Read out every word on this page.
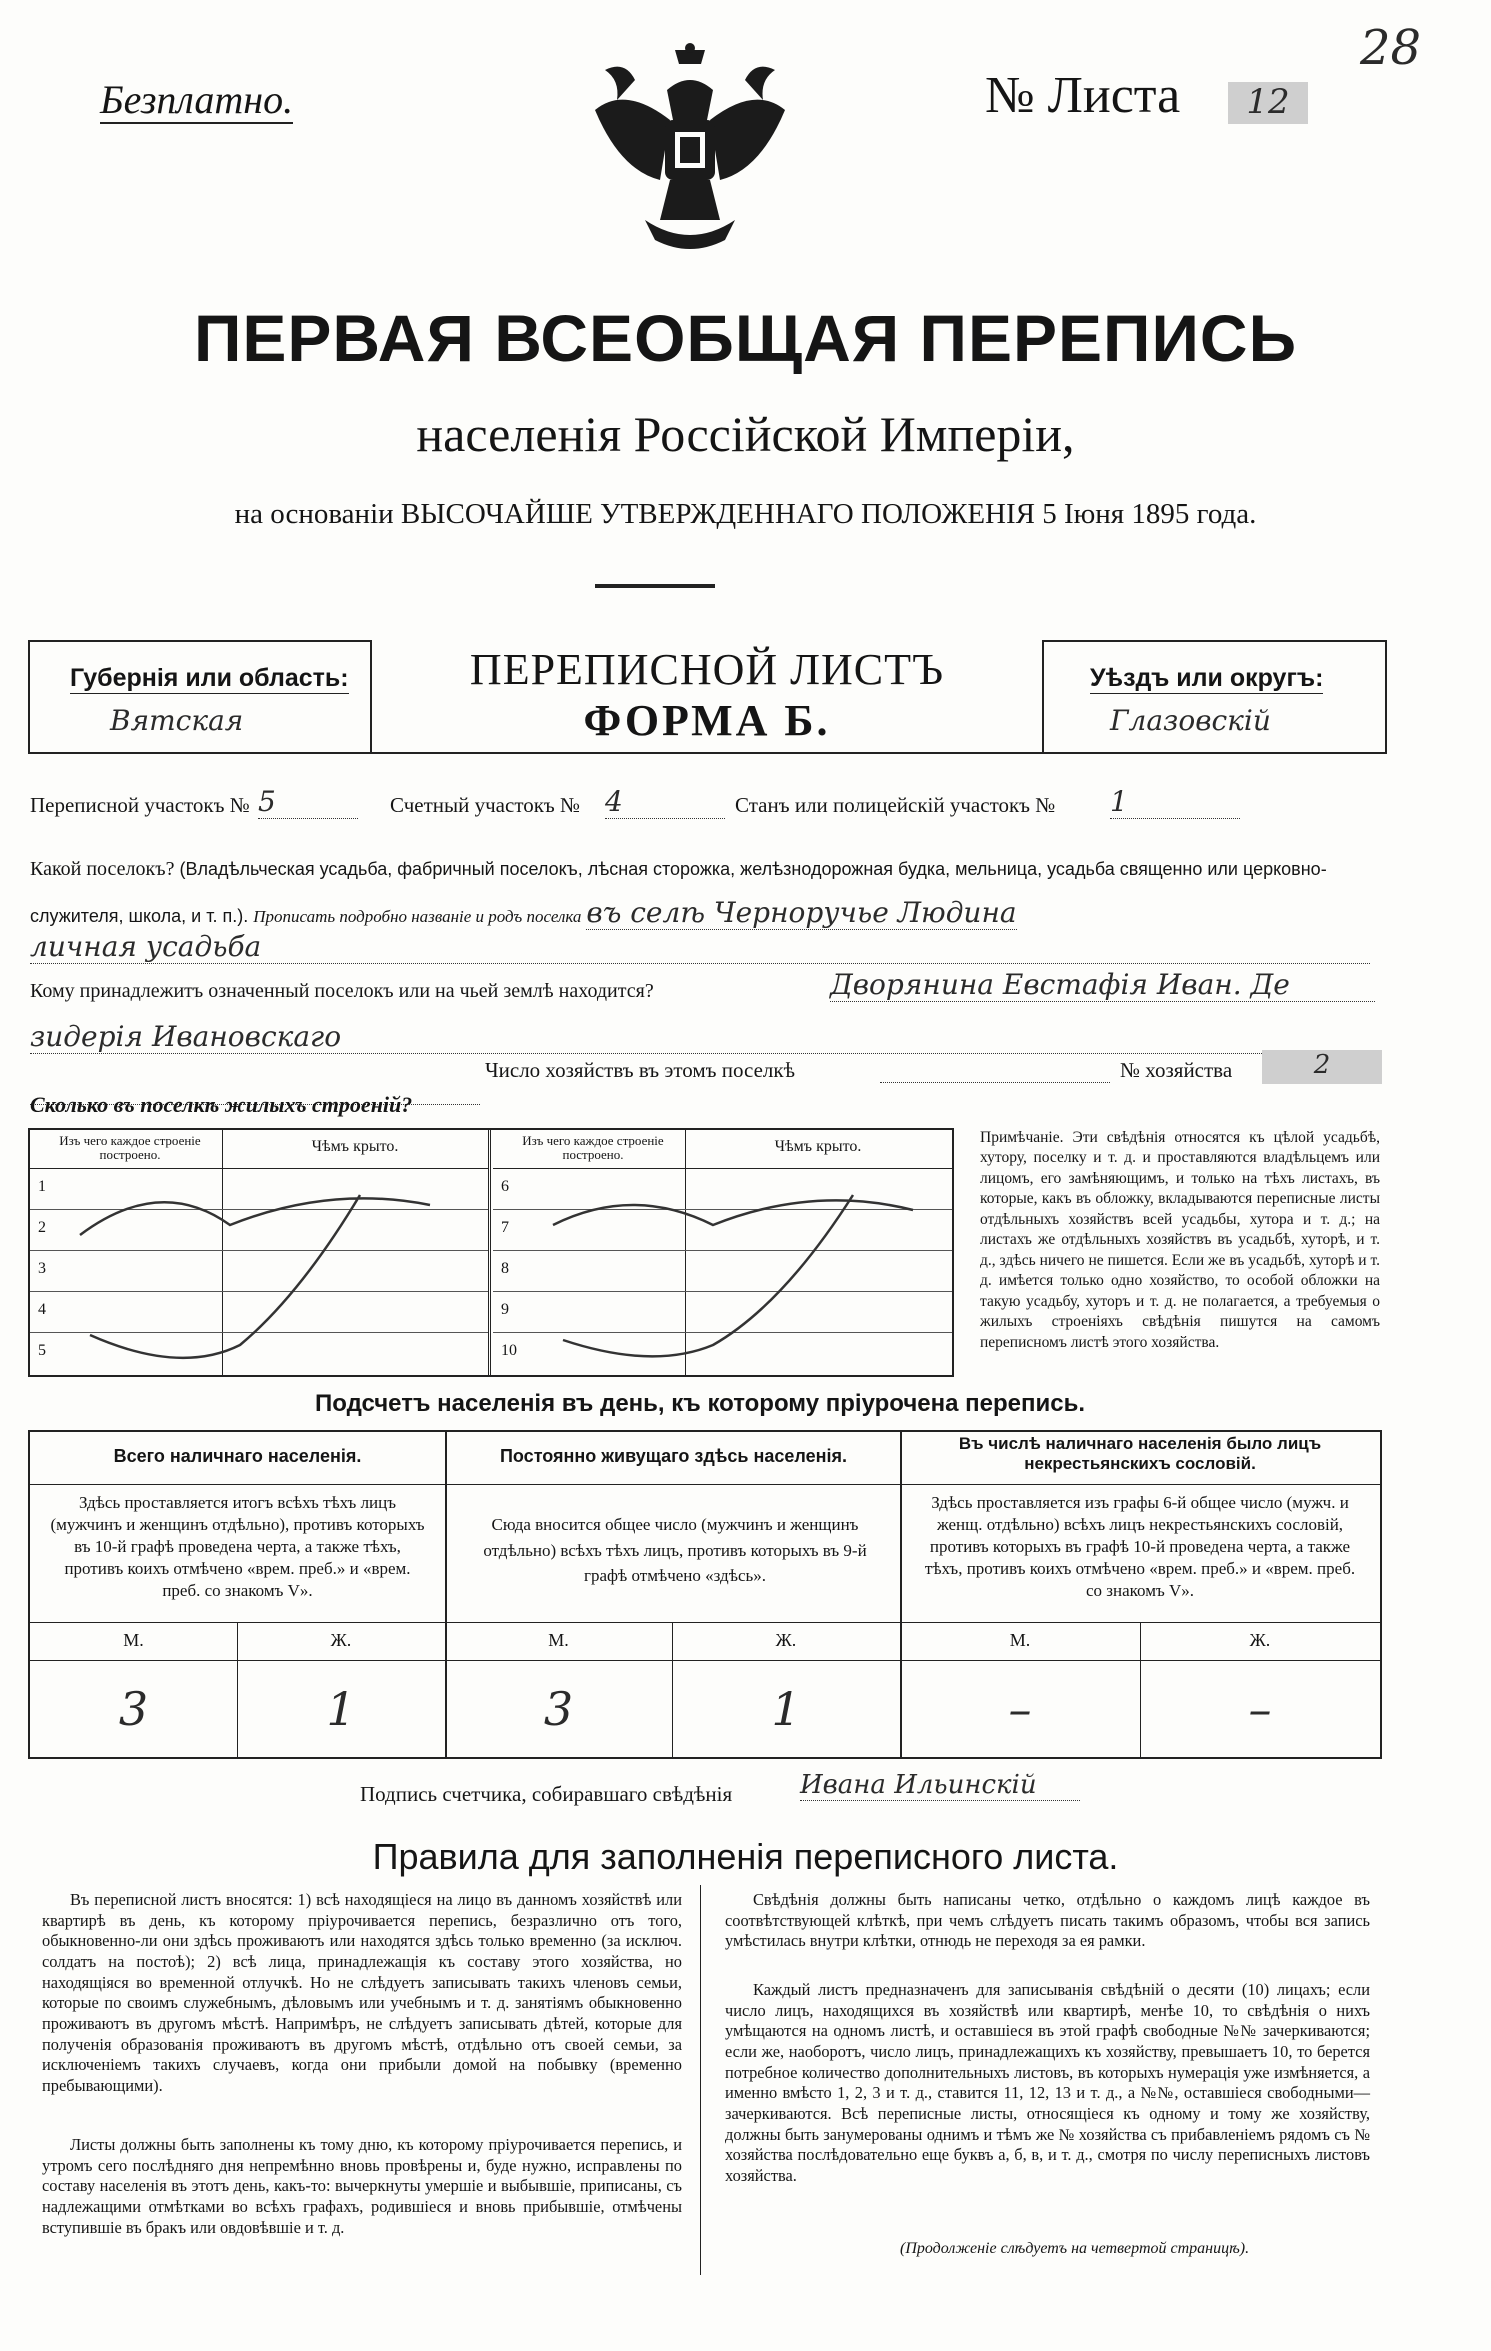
28
Безплатно.	№ Листа	12
ПЕРВАЯ ВСЕОБЩАЯ ПЕРЕПИСЬ
населенія Россійской Имперіи,
на основаніи ВЫСОЧАЙШЕ УТВЕРЖДЕННАГО ПОЛОЖЕНІЯ 5 Іюня 1895 года.
Губернія или область:
Вятская
ПЕРЕПИСНОЙ ЛИСТЪ
ФОРМА Б.
Уѣздъ или округъ:
Глазовскій
Переписной участокъ № 5	Счетный участокъ № 4	Станъ или полицейскій участокъ № 1
Какой поселокъ? (Владѣльческая усадьба, фабричный поселокъ, лѣсная сторожка, желѣзнодорожная будка, мельница, усадьба священно или церковно-служителя, школа, и т. п.). Прописать подробно названіе и родъ поселка въ селѣ Черноручье Людина
личная усадьба
Кому принадлежитъ означенный поселокъ или на чьей землѣ находится?	Дворянина Евстафія Иван. Де
зидерія Ивановскаго
Число хозяйствъ въ этомъ поселкѣ	№ хозяйства	2
Сколько въ поселкѣ жилыхъ строеній?
Изъ чего каждое строеніе построено.	Чѣмъ крыто.
1
2
3
4
5
Изъ чего каждое строеніе построено.	Чѣмъ крыто.
6
7
8
9
10
Примѣчаніе. Эти свѣдѣнія относятся къ цѣлой усадьбѣ, хутору, поселку и т. д. и проставляются владѣльцемъ или лицомъ, его замѣняющимъ, и только на тѣхъ листахъ, въ которые, какъ въ обложку, вкладываются переписные листы отдѣльныхъ хозяйствъ всей усадьбы, хутора и т. д.; на листахъ же отдѣльныхъ хозяйствъ въ усадьбѣ, хуторѣ, и т. д., здѣсь ничего не пишется. Если же въ усадьбѣ, хуторѣ и т. д. имѣется только одно хозяйство, то особой обложки на такую усадьбу, хуторъ и т. д. не полагается, а требуемыя о жилыхъ строеніяхъ свѣдѣнія пишутся на самомъ переписномъ листѣ этого хозяйства.
Подсчетъ населенія въ день, къ которому пріурочена перепись.
Всего наличнаго населенія.	Постоянно живущаго здѣсь населенія.
Въ числѣ наличнаго населенія было лицъ некрестьянскихъ сословій.
Здѣсь проставляется итогъ всѣхъ тѣхъ лицъ (мужчинъ и женщинъ отдѣльно), противъ которыхъ въ 10-й графѣ проведена черта, а также тѣхъ, противъ коихъ отмѣчено «врем. преб.» и «врем. преб. со знакомъ V».
Сюда вносится общее число (мужчинъ и женщинъ отдѣльно) всѣхъ тѣхъ лицъ, противъ которыхъ въ 9-й графѣ отмѣчено «здѣсь».
Здѣсь проставляется изъ графы 6-й общее число (мужч. и женщ. отдѣльно) всѣхъ лицъ некрестьянскихъ сословій, противъ которыхъ въ графѣ 10-й проведена черта, а также тѣхъ, противъ коихъ отмѣчено «врем. преб.» и «врем. преб. со знакомъ V».
М.	Ж.	М.	Ж.	М.	Ж.
3	1	3	1	–	–
Подпись счетчика, собиравшаго свѣдѣнія	Ивана Ильинскій
Правила для заполненія переписного листа.
Въ переписной листъ вносятся: 1) всѣ находящіеся на лицо въ данномъ хозяйствѣ или квартирѣ въ день, къ которому пріурочивается перепись, безразлично отъ того, обыкновенно-ли они здѣсь проживаютъ или находятся здѣсь только временно (за исключ. солдатъ на постоѣ); 2) всѣ лица, принадлежащія къ составу этого хозяйства, но находящіяся во временной отлучкѣ. Но не слѣдуетъ записывать такихъ членовъ семьи, которые по своимъ служебнымъ, дѣловымъ или учебнымъ и т. д. занятіямъ обыкновенно проживаютъ въ другомъ мѣстѣ. Напримѣръ, не слѣдуетъ записывать дѣтей, которые для полученія образованія проживаютъ въ другомъ мѣстѣ, отдѣльно отъ своей семьи, за исключеніемъ такихъ случаевъ, когда они прибыли домой на побывку (временно пребывающими).
Листы должны быть заполнены къ тому дню, къ которому пріурочивается перепись, и утромъ сего послѣдняго дня непремѣнно вновь провѣрены и, буде нужно, исправлены по составу населенія въ этотъ день, какъ-то: вычеркнуты умершіе и выбывшіе, приписаны, съ надлежащими отмѣтками во всѣхъ графахъ, родившіеся и вновь прибывшіе, отмѣчены вступившіе въ бракъ или овдовѣвшіе и т. д.
Свѣдѣнія должны быть написаны четко, отдѣльно о каждомъ лицѣ каждое въ соотвѣтствующей клѣткѣ, при чемъ слѣдуетъ писать такимъ образомъ, чтобы вся запись умѣстилась внутри клѣтки, отнюдь не переходя за ея рамки.
Каждый листъ предназначенъ для записыванія свѣдѣній о десяти (10) лицахъ; если число лицъ, находящихся въ хозяйствѣ или квартирѣ, менѣе 10, то свѣдѣнія о нихъ умѣщаются на одномъ листѣ, и оставшіеся въ этой графѣ свободные №№ зачеркиваются; если же, наоборотъ, число лицъ, принадлежащихъ къ хозяйству, превышаетъ 10, то берется потребное количество дополнительныхъ листовъ, въ которыхъ нумерація уже измѣняется, а именно вмѣсто 1, 2, 3 и т. д., ставится 11, 12, 13 и т. д., а №№, оставшіеся свободными—зачеркиваются. Всѣ переписные листы, относящіеся къ одному и тому же хозяйству, должны быть занумерованы однимъ и тѣмъ же № хозяйства съ прибавленіемъ рядомъ съ № хозяйства послѣдовательно еще буквъ а, б, в, и т. д., смотря по числу переписныхъ листовъ хозяйства.
(Продолженіе слѣдуетъ на четвертой страницѣ).
